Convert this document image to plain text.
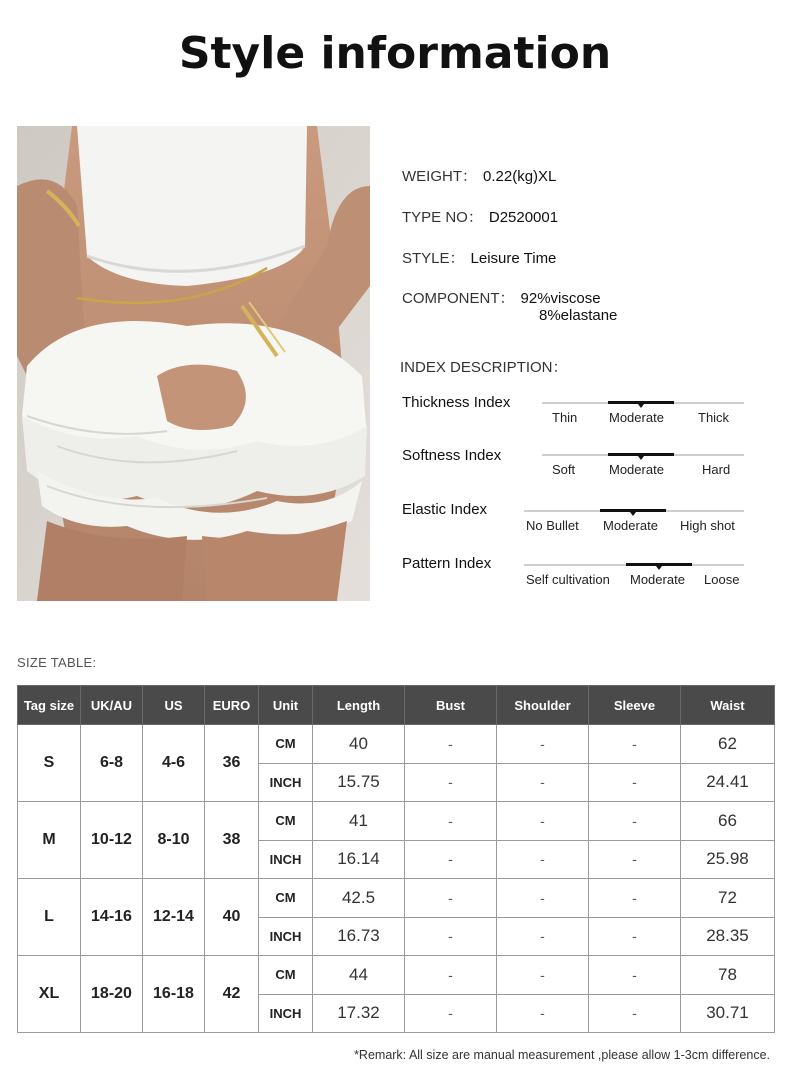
Style information
WEIGHT： 0.22(kg)XL
TYPE NO： D2520001
STYLE： Leisure Time
COMPONENT： 92%viscose
8%elastane
INDEX DESCRIPTION：
Thickness Index
Thin Moderate	Thick
Softness Index
Soft	Moderate	Hard
Elastic Index
No Bullet Moderate High shot
Pattern Index
Self cultivation Moderate Loose
SIZE TABLE:
Tag size	UK/AU	US	EURO	Unit	Length	Bust	Shoulder	Sleeve	Waist
S	6-8	4-6	36	CM	40	-	-	-	62
				INCH	15.75	-	-	-	24.41
M	10-12	8-10	38	CM	41	-	-	-	66
				INCH	16.14	-	-	-	25.98
L	14-16	12-14	40	CM	42.5	-	-	-	72
				INCH	16.73	-	-	-	28.35
XL	18-20	16-18	42	CM	44	-	-	-	78
				INCH	17.32	-	-	-	30.71
*Remark: All size are manual measurement ,please allow 1-3cm difference.
